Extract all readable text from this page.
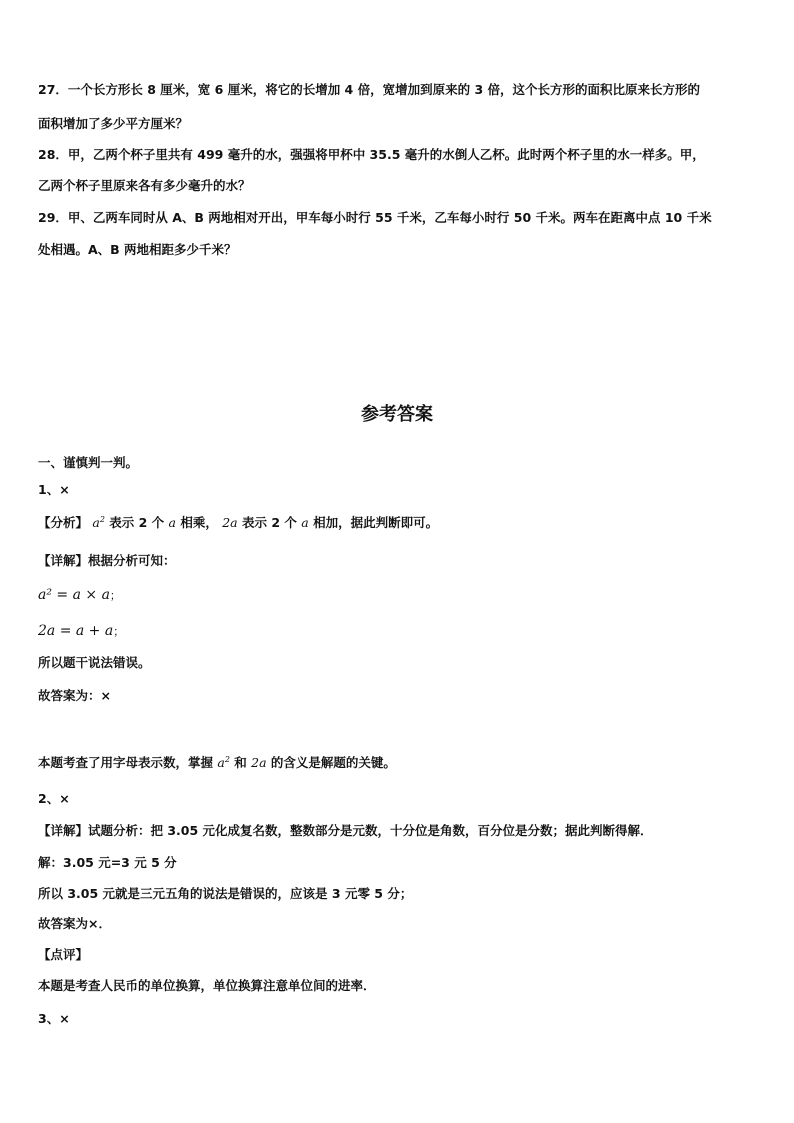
27．一个长方形长 8 厘米，宽 6 厘米，将它的长增加 4 倍，宽增加到原来的 3 倍，这个长方形的面积比原来长方形的
面积增加了多少平方厘米？
28．甲，乙两个杯子里共有 499 毫升的水，强强将甲杯中 35.5 毫升的水倒人乙杯。此时两个杯子里的水一样多。甲，
乙两个杯子里原来各有多少毫升的水？
29．甲、乙两车同时从 A、B 两地相对开出，甲车每小时行 55 千米，乙车每小时行 50 千米。两车在距离中点 10 千米
处相遇。A、B 两地相距多少千米？
参考答案
一、谨慎判一判。
1、×
【分析】 $a^2$ 表示 2 个 a 相乘， 2a 表示 2 个 a 相加，据此判断即可。
【详解】根据分析可知：
a² = a × a；
2a = a + a；
所以题干说法错误。
故答案为：×
本题考查了用字母表示数，掌握 $a^2$ 和 2a 的含义是解题的关键。
2、×
【详解】试题分析：把 3.05 元化成复名数，整数部分是元数，十分位是角数，百分位是分数；据此判断得解．
解：3.05 元=3 元 5 分
所以 3.05 元就是三元五角的说法是错误的，应该是 3 元零 5 分；
故答案为×．
【点评】
本题是考查人民币的单位换算，单位换算注意单位间的进率．
3、×
